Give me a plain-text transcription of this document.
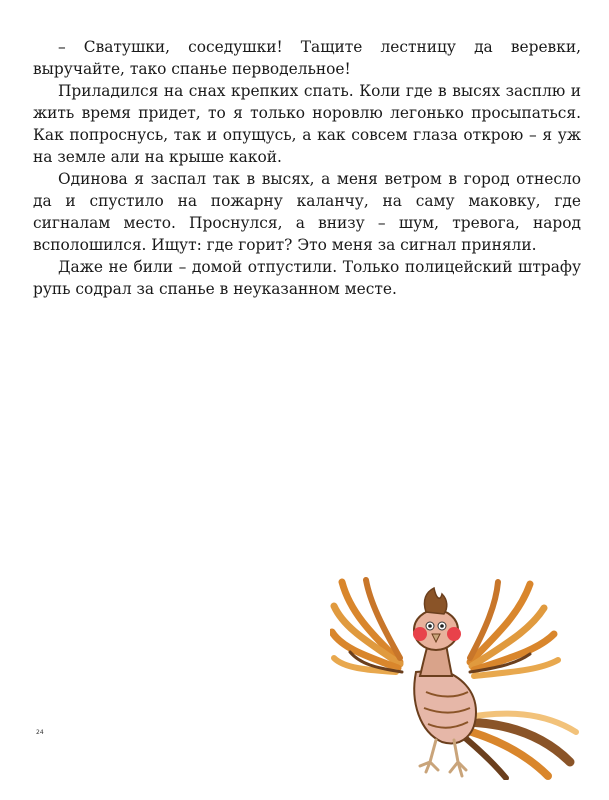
– Сватушки, соседушки! Тащите лестницу да веревки, выручайте, тако спанье перводельное!

Приладился на снах крепких спать. Коли где в высях засплю и жить время придет, то я только норовлю легонько просыпаться. Как попроснусь, так и опущусь, а как совсем глаза открою – я уж на земле али на крыше какой.

Одинова я заспал так в высях, а меня ветром в город отнесло да и спустило на пожарну каланчу, на саму маковку, где сигналам место. Проснулся, а внизу – шум, тревога, народ всполошился. Ищут: где горит? Это меня за сигнал приняли.

Даже не били – домой отпустили. Только полицейский штрафу рупь содрал за спанье в неуказанном месте.

24
